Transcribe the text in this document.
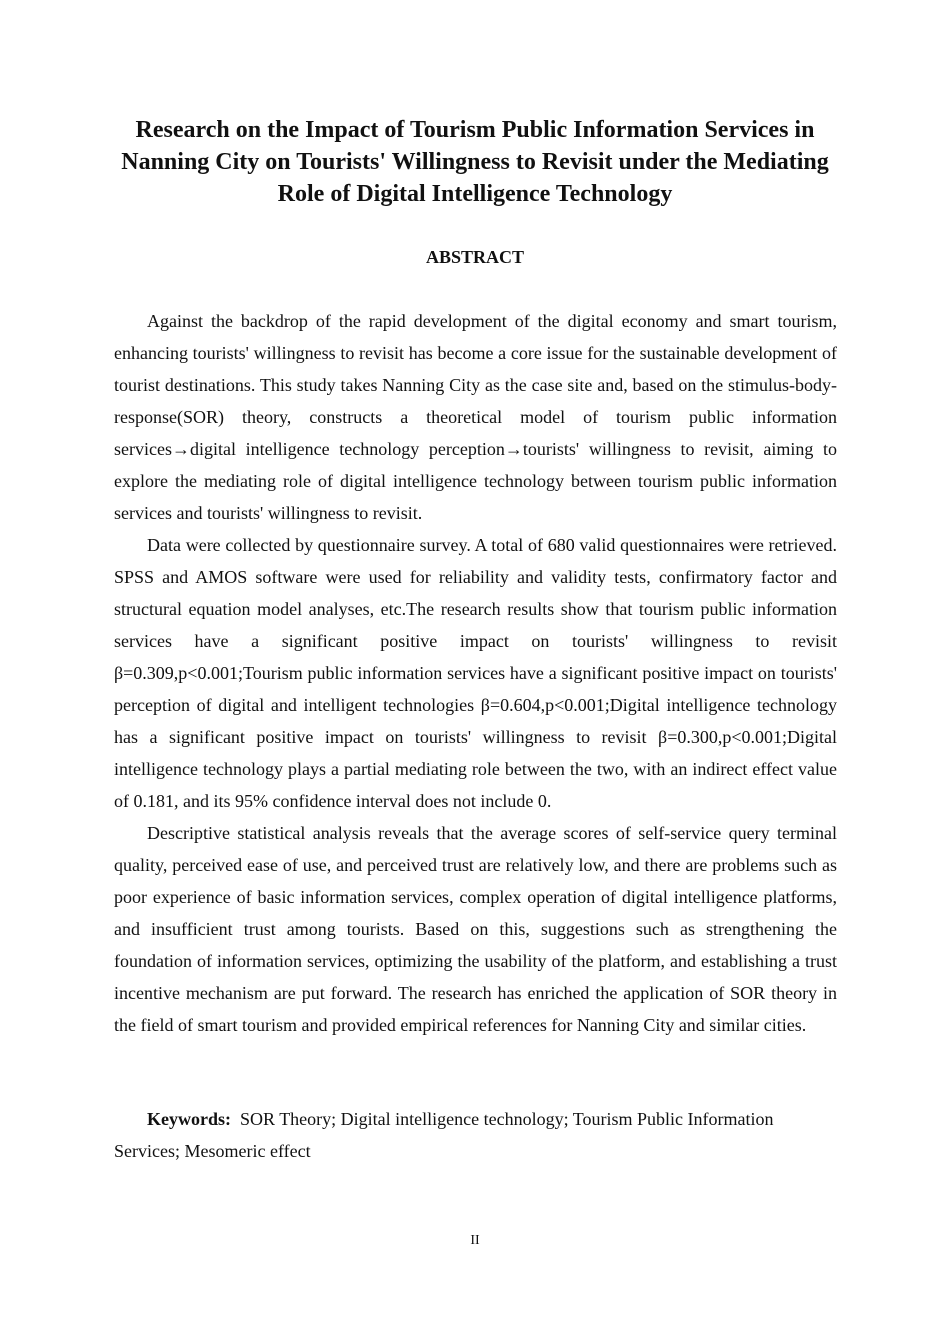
Research on the Impact of Tourism Public Information Services in Nanning City on Tourists' Willingness to Revisit under the Mediating Role of Digital Intelligence Technology
ABSTRACT

Against the backdrop of the rapid development of the digital economy and smart tourism, enhancing tourists' willingness to revisit has become a core issue for the sustainable development of tourist destinations. This study takes Nanning City as the case site and, based on the stimulus-body-response(SOR) theory, constructs a theoretical model of tourism public information services→digital intelligence technology perception→tourists' willingness to revisit, aiming to explore the mediating role of digital intelligence technology between tourism public information services and tourists' willingness to revisit.

Data were collected by questionnaire survey. A total of 680 valid questionnaires were retrieved. SPSS and AMOS software were used for reliability and validity tests, confirmatory factor and structural equation model analyses, etc.The research results show that tourism public information services have a significant positive impact on tourists' willingness to revisit β=0.309,p<0.001;Tourism public information services have a significant positive impact on tourists' perception of digital and intelligent technologies β=0.604,p<0.001;Digital intelligence technology has a significant positive impact on tourists' willingness to revisit β=0.300,p<0.001;Digital intelligence technology plays a partial mediating role between the two, with an indirect effect value of 0.181, and its 95% confidence interval does not include 0.

Descriptive statistical analysis reveals that the average scores of self-service query terminal quality, perceived ease of use, and perceived trust are relatively low, and there are problems such as poor experience of basic information services, complex operation of digital intelligence platforms, and insufficient trust among tourists. Based on this, suggestions such as strengthening the foundation of information services, optimizing the usability of the platform, and establishing a trust incentive mechanism are put forward. The research has enriched the application of SOR theory in the field of smart tourism and provided empirical references for Nanning City and similar cities.

Keywords: SOR Theory; Digital intelligence technology; Tourism Public Information Services; Mesomeric effect

II
